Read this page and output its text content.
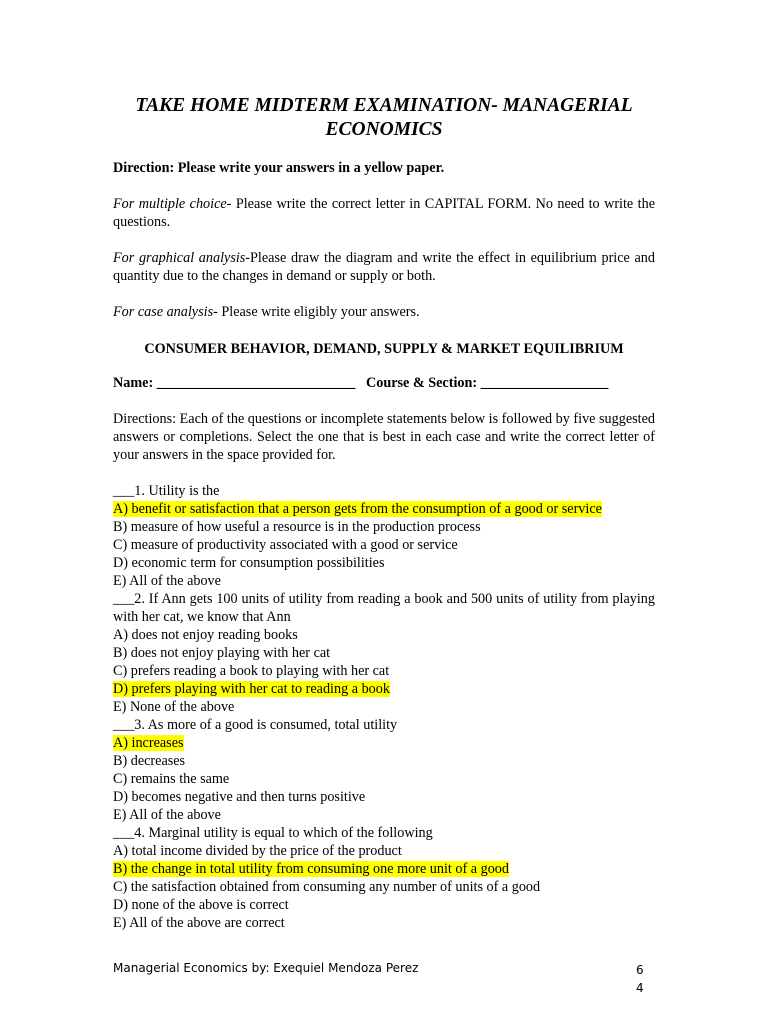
TAKE HOME MIDTERM EXAMINATION- MANAGERIAL ECONOMICS
Direction: Please write your answers in a yellow paper.
For multiple choice- Please write the correct letter in CAPITAL FORM. No need to write the questions.
For graphical analysis-Please draw the diagram and write the effect in equilibrium price and quantity due to the changes in demand or supply or both.
For case analysis- Please write eligibly your answers.
CONSUMER BEHAVIOR, DEMAND, SUPPLY & MARKET EQUILIBRIUM
Name: ____________________________   Course & Section: __________________
Directions: Each of the questions or incomplete statements below is followed by five suggested answers or completions. Select the one that is best in each case and write the correct letter of your answers in the space provided for.
___1. Utility is the
A) benefit or satisfaction that a person gets from the consumption of a good or service
B) measure of how useful a resource is in the production process
C) measure of productivity associated with a good or service
D) economic term for consumption possibilities
E) All of the above
___2. If Ann gets 100 units of utility from reading a book and 500 units of utility from playing with her cat, we know that Ann
A) does not enjoy reading books
B) does not enjoy playing with her cat
C) prefers reading a book to playing with her cat
D) prefers playing with her cat to reading a book
E) None of the above
___3. As more of a good is consumed, total utility
A) increases
B) decreases
C) remains the same
D) becomes negative and then turns positive
E) All of the above
___4. Marginal utility is equal to which of the following
A) total income divided by the price of the product
B) the change in total utility from consuming one more unit of a good
C) the satisfaction obtained from consuming any number of units of a good
D) none of the above is correct
E) All of the above are correct
Managerial Economics by: Exequiel Mendoza Perez	64
